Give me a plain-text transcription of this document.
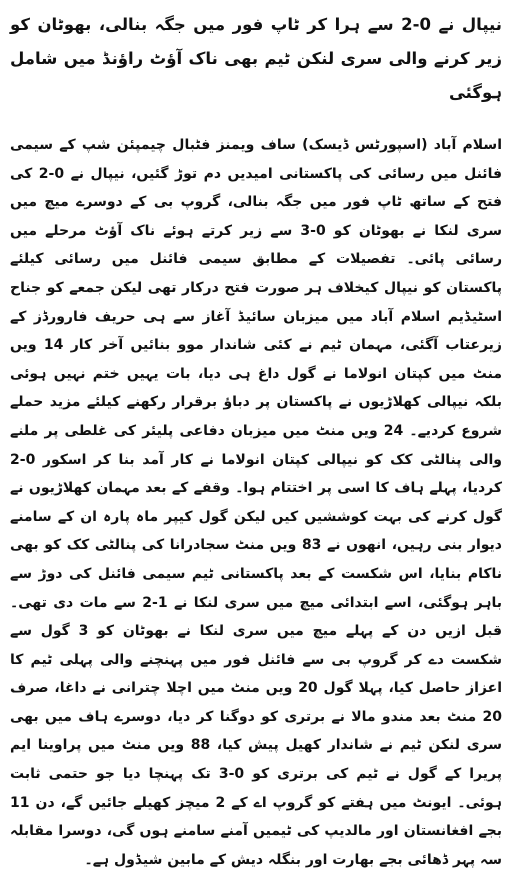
نیپال نے 0-2 سے ہرا کر ٹاپ فور میں جگہ بنالی، بھوٹان کو زیر کرنے والی سری لنکن ٹیم بھی ناک آؤٹ راؤنڈ میں شامل ہوگئی

اسلام آباد (اسپورٹس ڈیسک) ساف ویمنز فٹبال چیمپئن شپ کے سیمی فائنل میں رسائی کی پاکستانی امیدیں دم توڑ گئیں، نیپال نے 0-2 کی فتح کے ساتھ ٹاپ فور میں جگہ بنالی، گروپ بی کے دوسرے میچ میں سری لنکا نے بھوٹان کو 0-3 سے زیر کرتے ہوئے ناک آؤٹ مرحلے میں رسائی پائی۔ تفصیلات کے مطابق سیمی فائنل میں رسائی کیلئے پاکستان کو نیپال کیخلاف ہر صورت فتح درکار تھی لیکن جمعے کو جناح اسٹیڈیم اسلام آباد میں میزبان سائیڈ آغاز سے ہی حریف فارورڈز کے زیرعتاب آگئی، مہمان ٹیم نے کئی شاندار موو بنائیں آخر کار 14 ویں منٹ میں کپتان انولاما نے گول داغ ہی دیا، بات یہیں ختم نہیں ہوئی بلکہ نیپالی کھلاڑیوں نے پاکستان پر دباؤ برقرار رکھنے کیلئے مزید حملے شروع کردیے۔ 24 ویں منٹ میں میزبان دفاعی پلیئر کی غلطی پر ملنے والی پنالٹی کک کو نیپالی کپتان انولاما نے کار آمد بنا کر اسکور 0-2 کردیا، پہلے ہاف کا اسی پر اختتام ہوا۔ وقفے کے بعد مہمان کھلاڑیوں نے گول کرنے کی بہت کوششیں کیں لیکن گول کیپر ماہ پارہ ان کے سامنے دیوار بنی رہیں، انھوں نے 83 ویں منٹ سجادرانا کی پنالٹی کک کو بھی ناکام بنایا، اس شکست کے بعد پاکستانی ٹیم سیمی فائنل کی دوڑ سے باہر ہوگئی، اسے ابتدائی میچ میں سری لنکا نے 1-2 سے مات دی تھی۔ قبل ازیں دن کے پہلے میچ میں سری لنکا نے بھوٹان کو 3 گول سے شکست دے کر گروپ بی سے فائنل فور میں پہنچنے والی پہلی ٹیم کا اعزاز حاصل کیا، پہلا گول 20 ویں منٹ میں اچلا چترانی نے داغا، صرف 20 منٹ بعد مندو مالا نے برتری کو دوگنا کر دیا، دوسرے ہاف میں بھی سری لنکن ٹیم نے شاندار کھیل پیش کیا، 88 ویں منٹ میں پراوینا ایم پریرا کے گول نے ٹیم کی برتری کو 0-3 تک پہنچا دیا جو حتمی ثابت ہوئی۔ ایونٹ میں ہفتے کو گروپ اے کے 2 میچز کھیلے جائیں گے، دن 11 بجے افغانستان اور مالدیپ کی ٹیمیں آمنے سامنے ہوں گی، دوسرا مقابلہ سہ پہر ڈھائی بجے بھارت اور بنگلہ دیش کے مابین شیڈول ہے۔
